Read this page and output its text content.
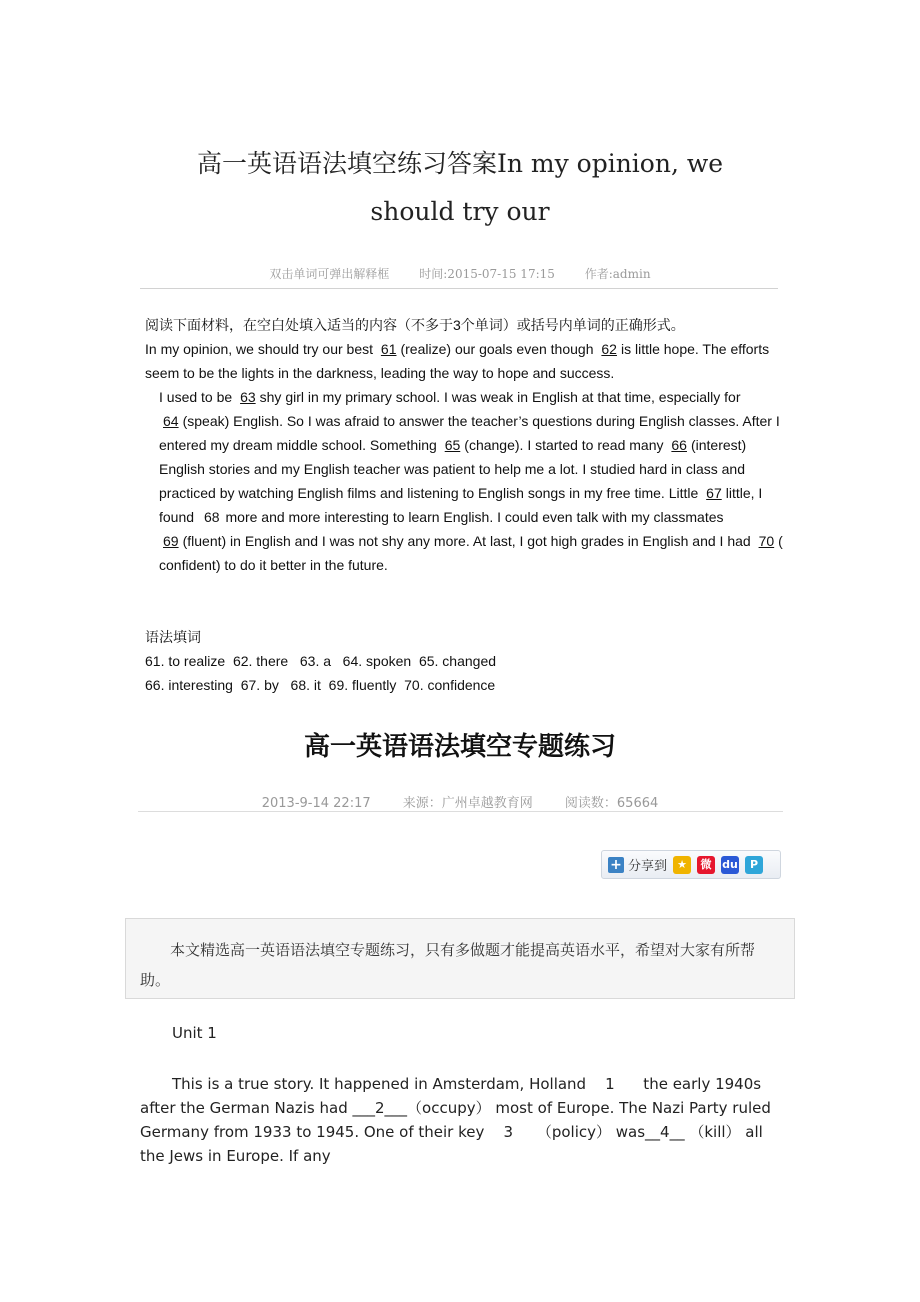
高一英语语法填空练习答案In my opinion, we
should try our
双击单词可弹出解释框 时间:2015-07-15 17:15 作者:admin

阅读下面材料，在空白处填入适当的内容（不多于3个单词）或括号内单词的正确形式。

In my opinion, we should try our best 61 (realize) our goals even though 62 is little hope. The efforts seem to be the lights in the darkness, leading the way to hope and success.

I used to be 63 shy girl in my primary school. I was weak in English at that time, especially for 64 (speak) English. So I was afraid to answer the teacher’s questions during English classes. After I entered my dream middle school. Something 65 (change). I started to read many 66 (interest) English stories and my English teacher was patient to help me a lot. I studied hard in class and practiced by watching English films and listening to English songs in my free time. Little 67 little, I found 68 more and more interesting to learn English. I could even talk with my classmates 69 (fluent) in English and I was not shy any more. At last, I got high grades in English and I had 70 ( confident) to do it better in the future.

语法填词

61. to realize  62. there   63. a   64. spoken  65. changed

66. interesting  67. by   68. it  69. fluently  70. confidence

高一英语语法填空专题练习
2013-9-14 22:17 来源：广州卓越教育网 阅读数：65664
+ 分享到 ★	微 du	P

本文精选高一英语语法填空专题练习，只有多做题才能提高英语水平，希望对大家有所帮助。

Unit 1

This is a true story. It happened in Amsterdam, Holland    1      the early 1940s after the German Nazis had ___2___（occupy） most of Europe. The Nazi Party ruled Germany from 1933 to 1945. One of their key    3     （policy） was__4__ （kill） all the Jews in Europe. If any
